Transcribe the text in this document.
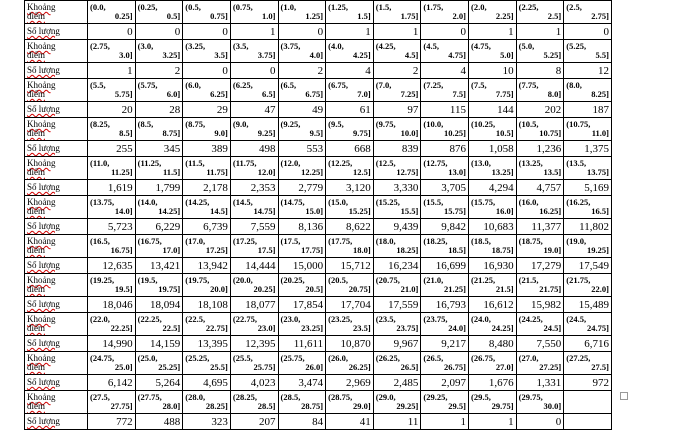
Khoảng
điểm	(0.0,
0.25]	(0.25,
0.5]	(0.5,
0.75]	(0.75,
1.0]	(1.0,
1.25]	(1.25,
1.5]	(1.5,
1.75]	(1.75,
2.0]	(2.0,
2.25]	(2.25,
2.5]	(2.5,
2.75]

Số lượng	0	0	0	1	0	1	1	0	1	1	0
Khoảng
điểm	(2.75,
3.0]	(3.0,
3.25]	(3.25,
3.5]	(3.5,
3.75]	(3.75,
4.0]	(4.0,
4.25]	(4.25,
4.5]	(4.5,
4.75]	(4.75,
5.0]	(5.0,
5.25]	(5.25,
5.5]

Số lượng	1	2	0	0	2	4	2	4	10	8	12
Khoảng
điểm	(5.5,
5.75]	(5.75,
6.0]	(6.0,
6.25]	(6.25,
6.5]	(6.5,
6.75]	(6.75,
7.0]	(7.0,
7.25]	(7.25,
7.5]	(7.5,
7.75]	(7.75,
8.0]	(8.0,
8.25]

Số lượng	20	28	29	47	49	61	97	115	144	202	187
Khoảng
điểm	(8.25,
8.5]	(8.5,
8.75]	(8.75,
9.0]	(9.0,
9.25]	(9.25,
9.5]	(9.5,
9.75]	(9.75,
10.0]	(10.0,
10.25]	(10.25,
10.5]	(10.5,
10.75]	(10.75,
11.0]

Số lượng	255	345	389	498	553	668	839	876	1,058	1,236	1,375
Khoảng
điểm	(11.0,
11.25]	(11.25,
11.5]	(11.5,
11.75]	(11.75,
12.0]	(12.0,
12.25]	(12.25,
12.5]	(12.5,
12.75]	(12.75,
13.0]	(13.0,
13.25]	(13.25,
13.5]	(13.5,
13.75]

Số lượng	1,619	1,799	2,178	2,353	2,779	3,120	3,330	3,705	4,294	4,757	5,169
Khoảng
điểm	(13.75,
14.0]	(14.0,
14.25]	(14.25,
14.5]	(14.5,
14.75]	(14.75,
15.0]	(15.0,
15.25]	(15.25,
15.5]	(15.5,
15.75]	(15.75,
16.0]	(16.0,
16.25]	(16.25,
16.5]

Số lượng	5,723	6,229	6,739	7,559	8,136	8,622	9,439	9,842	10,683	11,377	11,802
Khoảng
điểm	(16.5,
16.75]	(16.75,
17.0]	(17.0,
17.25]	(17.25,
17.5]	(17.5,
17.75]	(17.75,
18.0]	(18.0,
18.25]	(18.25,
18.5]	(18.5,
18.75]	(18.75,
19.0]	(19.0,
19.25]

Số lượng	12,635	13,421	13,942	14,444	15,000	15,712	16,234	16,699	16,930	17,279	17,549
Khoảng
điểm	(19.25,
19.5]	(19.5,
19.75]	(19.75,
20.0]	(20.0,
20.25]	(20.25,
20.5]	(20.5,
20.75]	(20.75,
21.0]	(21.0,
21.25]	(21.25,
21.5]	(21.5,
21.75]	(21.75,
22.0]

Số lượng	18,046	18,094	18,108	18,077	17,854	17,704	17,559	16,793	16,612	15,982	15,489
Khoảng
điểm	(22.0,
22.25]	(22.25,
22.5]	(22.5,
22.75]	(22.75,
23.0]	(23.0,
23.25]	(23.25,
23.5]	(23.5,
23.75]	(23.75,
24.0]	(24.0,
24.25]	(24.25,
24.5]	(24.5,
24.75]

Số lượng	14,990	14,159	13,395	12,395	11,611	10,870	9,967	9,217	8,480	7,550	6,716
Khoảng
điểm	(24.75,
25.0]	(25.0,
25.25]	(25.25,
25.5]	(25.5,
25.75]	(25.75,
26.0]	(26.0,
26.25]	(26.25,
26.5]	(26.5,
26.75]	(26.75,
27.0]	(27.0,
27.25]	(27.25,
27.5]

Số lượng	6,142	5,264	4,695	4,023	3,474	2,969	2,485	2,097	1,676	1,331	972
Khoảng
điểm	(27.5,
27.75]	(27.75,
28.0]	(28.0,
28.25]	(28.25,
28.5]	(28.5,
28.75]	(28.75,
29.0]	(29.0,
29.25]	(29.25,
29.5]	(29.5,
29.75]	(29.75,
30.0]	

Số lượng	772	488	323	207	84	41	11	1	1	0	
